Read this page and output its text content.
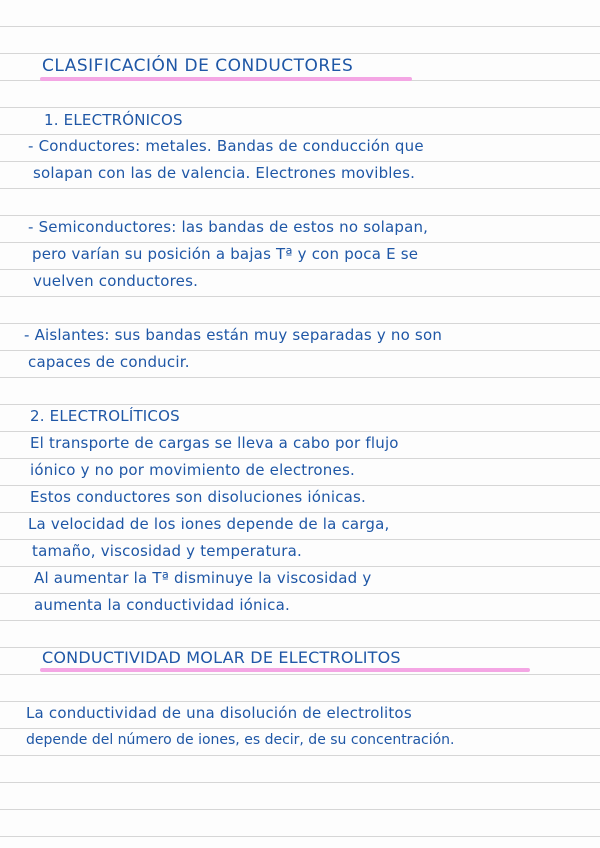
CLASIFICACIÓN DE CONDUCTORES
1. ELECTRÓNICOS
- Conductores: metales. Bandas de conducción que
solapan con las de valencia. Electrones movibles.
- Semiconductores: las bandas de estos no solapan,
pero varían su posición a bajas Tª y con poca E se
vuelven conductores.
- Aislantes: sus bandas están muy separadas y no son
capaces de conducir.
2. ELECTROLÍTICOS
El transporte de cargas se lleva a cabo por flujo
iónico y no por movimiento de electrones.
Estos conductores son disoluciones iónicas.
La velocidad de los iones depende de la carga,
tamaño, viscosidad y temperatura.
Al aumentar la Tª disminuye la viscosidad y
aumenta la conductividad iónica.
CONDUCTIVIDAD MOLAR DE ELECTROLITOS
La conductividad de una disolución de electrolitos
depende del número de iones, es decir, de su concentración.
